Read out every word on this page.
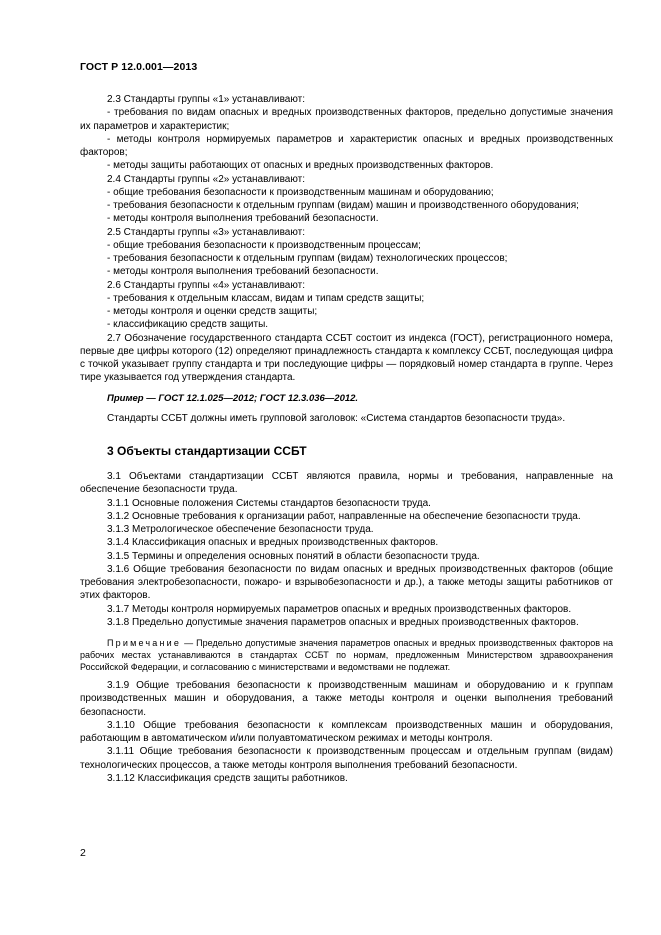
ГОСТ Р 12.0.001—2013

2.3 Стандарты группы «1» устанавливают:

- требования по видам опасных и вредных производственных факторов, предельно допустимые значения их параметров и характеристик;

- методы контроля нормируемых параметров и характеристик опасных и вредных производственных факторов;

- методы защиты работающих от опасных и вредных производственных факторов.

2.4 Стандарты группы «2» устанавливают:

- общие требования безопасности к производственным машинам и оборудованию;

- требования безопасности к отдельным группам (видам) машин и производственного оборудования;

- методы контроля выполнения требований безопасности.

2.5 Стандарты группы «3» устанавливают:

- общие требования безопасности к производственным процессам;

- требования безопасности к отдельным группам (видам) технологических процессов;

- методы контроля выполнения требований безопасности.

2.6 Стандарты группы «4» устанавливают:

- требования к отдельным классам, видам и типам средств защиты;

- методы контроля и оценки средств защиты;

- классификацию средств защиты.

2.7 Обозначение государственного стандарта ССБТ состоит из индекса (ГОСТ), регистрационного номера, первые две цифры которого (12) определяют принадлежность стандарта к комплексу ССБТ, последующая цифра с точкой указывает группу стандарта и три последующие цифры — порядковый номер стандарта в группе. Через тире указывается год утверждения стандарта.

Пример — ГОСТ 12.1.025—2012; ГОСТ 12.3.036—2012.

Стандарты ССБТ должны иметь групповой заголовок: «Система стандартов безопасности труда».

3 Объекты стандартизации ССБТ

3.1 Объектами стандартизации ССБТ являются правила, нормы и требования, направленные на обеспечение безопасности труда.

3.1.1 Основные положения Системы стандартов безопасности труда.

3.1.2 Основные требования к организации работ, направленные на обеспечение безопасности труда.

3.1.3 Метрологическое обеспечение безопасности труда.

3.1.4 Классификация опасных и вредных производственных факторов.

3.1.5 Термины и определения основных понятий в области безопасности труда.

3.1.6 Общие требования безопасности по видам опасных и вредных производственных факторов (общие требования электробезопасности, пожаро- и взрывобезопасности и др.), а также методы защиты работников от этих факторов.

3.1.7 Методы контроля нормируемых параметров опасных и вредных производственных факторов.

3.1.8 Предельно допустимые значения параметров опасных и вредных производственных факторов.

Примечание — Предельно допустимые значения параметров опасных и вредных производственных факторов на рабочих местах устанавливаются в стандартах ССБТ по нормам, предложенным Министерством здравоохранения Российской Федерации, и согласованию с министерствами и ведомствами не подлежат.

3.1.9 Общие требования безопасности к производственным машинам и оборудованию и к группам производственных машин и оборудования, а также методы контроля и оценки выполнения требований безопасности.

3.1.10 Общие требования безопасности к комплексам производственных машин и оборудования, работающим в автоматическом и/или полуавтоматическом режимах и методы контроля.

3.1.11 Общие требования безопасности к производственным процессам и отдельным группам (видам) технологических процессов, а также методы контроля выполнения требований безопасности.

3.1.12 Классификация средств защиты работников.

2
